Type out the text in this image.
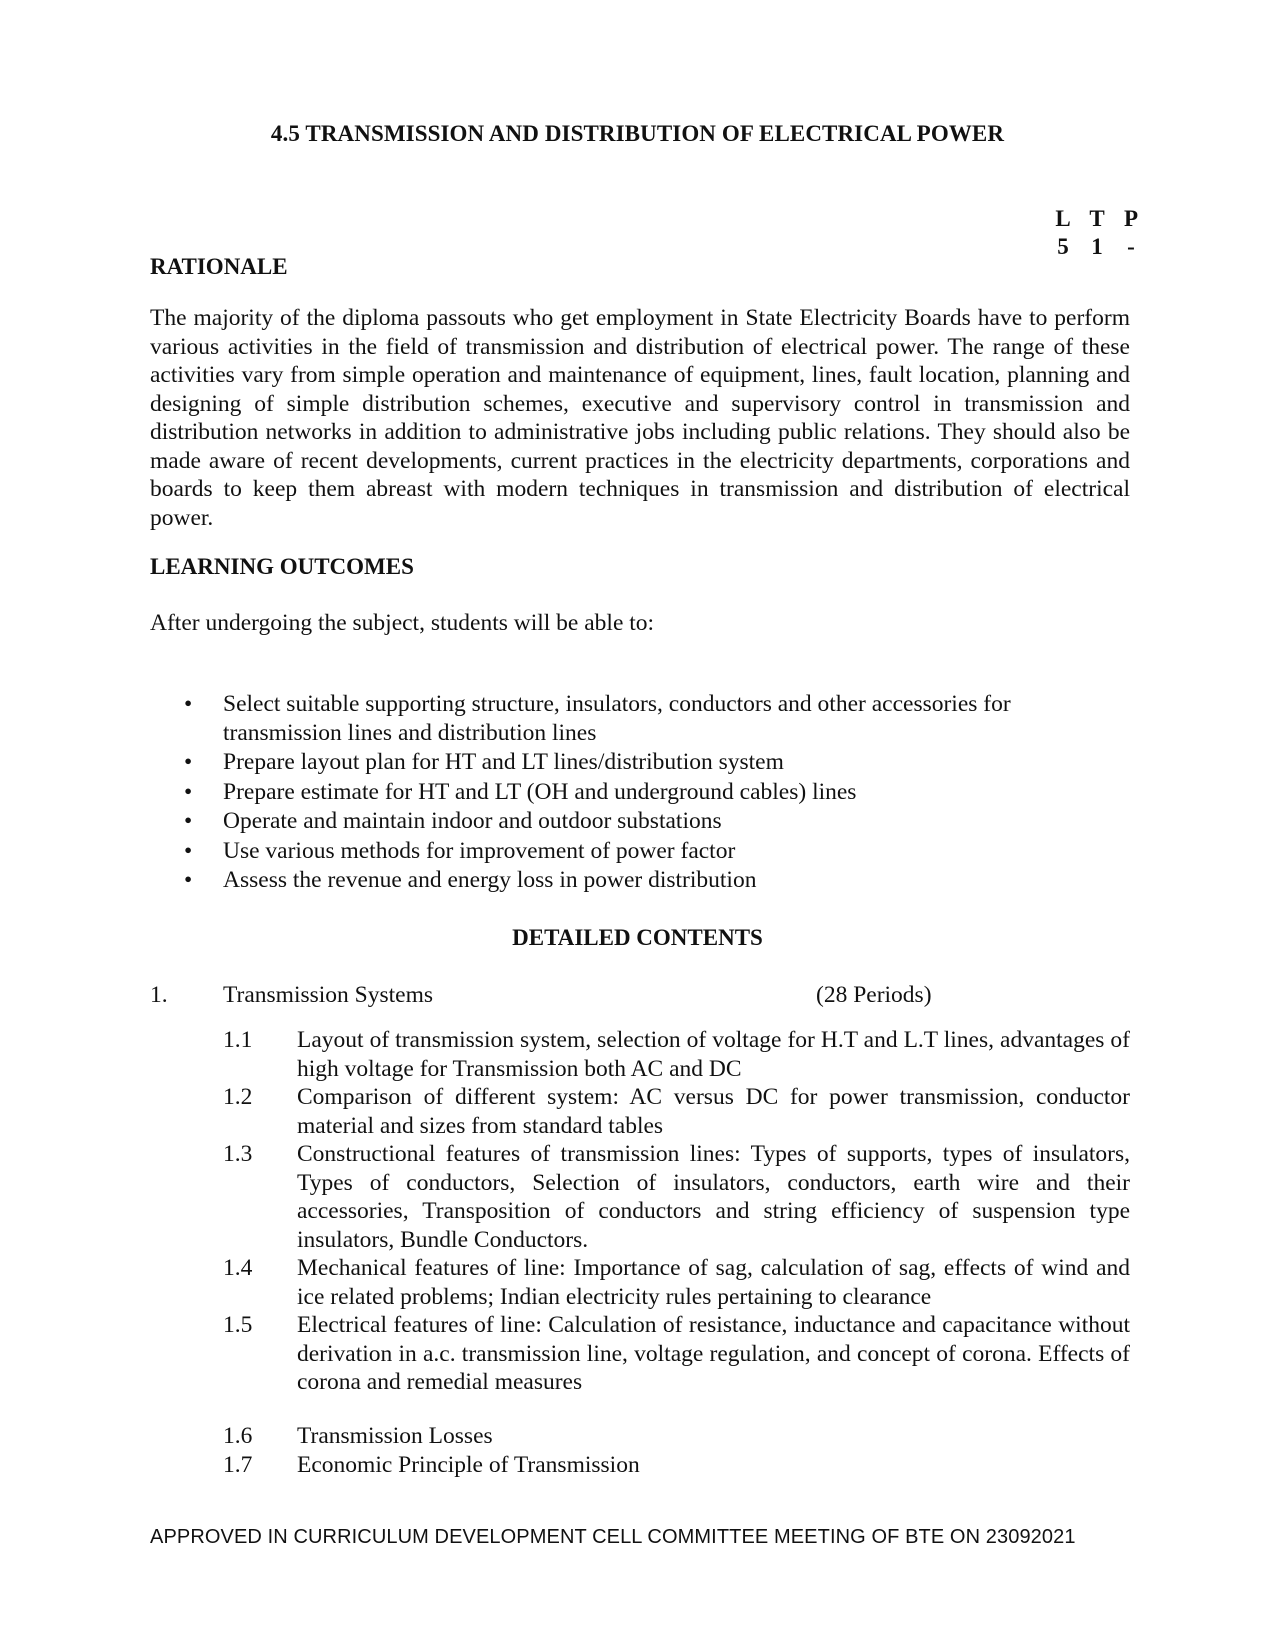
4.5 TRANSMISSION AND DISTRIBUTION OF ELECTRICAL POWER
L T P
5 1	-
RATIONALE
The majority of the diploma passouts who get employment in State Electricity Boards have to perform various activities in the field of transmission and distribution of electrical power. The range of these activities vary from simple operation and maintenance of equipment, lines, fault location, planning and designing of simple distribution schemes, executive and supervisory control in transmission and distribution networks in addition to administrative jobs including public relations. They should also be made aware of recent developments, current practices in the electricity departments, corporations and boards to keep them abreast with modern techniques in transmission and distribution of electrical power.
LEARNING OUTCOMES
After undergoing the subject, students will be able to:
• Select suitable supporting structure, insulators, conductors and other accessories for transmission lines and distribution lines
• Prepare layout plan for HT and LT lines/distribution system
• Prepare estimate for HT and LT (OH and underground cables) lines
• Operate and maintain indoor and outdoor substations
• Use various methods for improvement of power factor
• Assess the revenue and energy loss in power distribution
DETAILED CONTENTS
1. Transmission Systems	(28 Periods)
1.1	Layout of transmission system, selection of voltage for H.T and L.T lines, advantages of high voltage for Transmission both AC and DC
1.2	Comparison of different system: AC versus DC for power transmission, conductor material and sizes from standard tables
1.3	Constructional features of transmission lines: Types of supports, types of insulators, Types of conductors, Selection of insulators, conductors, earth wire and their accessories, Transposition of conductors and string efficiency of suspension type insulators, Bundle Conductors.
1.4	Mechanical features of line: Importance of sag, calculation of sag, effects of wind and ice related problems; Indian electricity rules pertaining to clearance
1.5	Electrical features of line: Calculation of resistance, inductance and capacitance without derivation in a.c. transmission line, voltage regulation, and concept of corona. Effects of corona and remedial measures
1.6	Transmission Losses
1.7	Economic Principle of Transmission
APPROVED IN CURRICULUM DEVELOPMENT CELL COMMITTEE MEETING OF BTE ON 23092021
